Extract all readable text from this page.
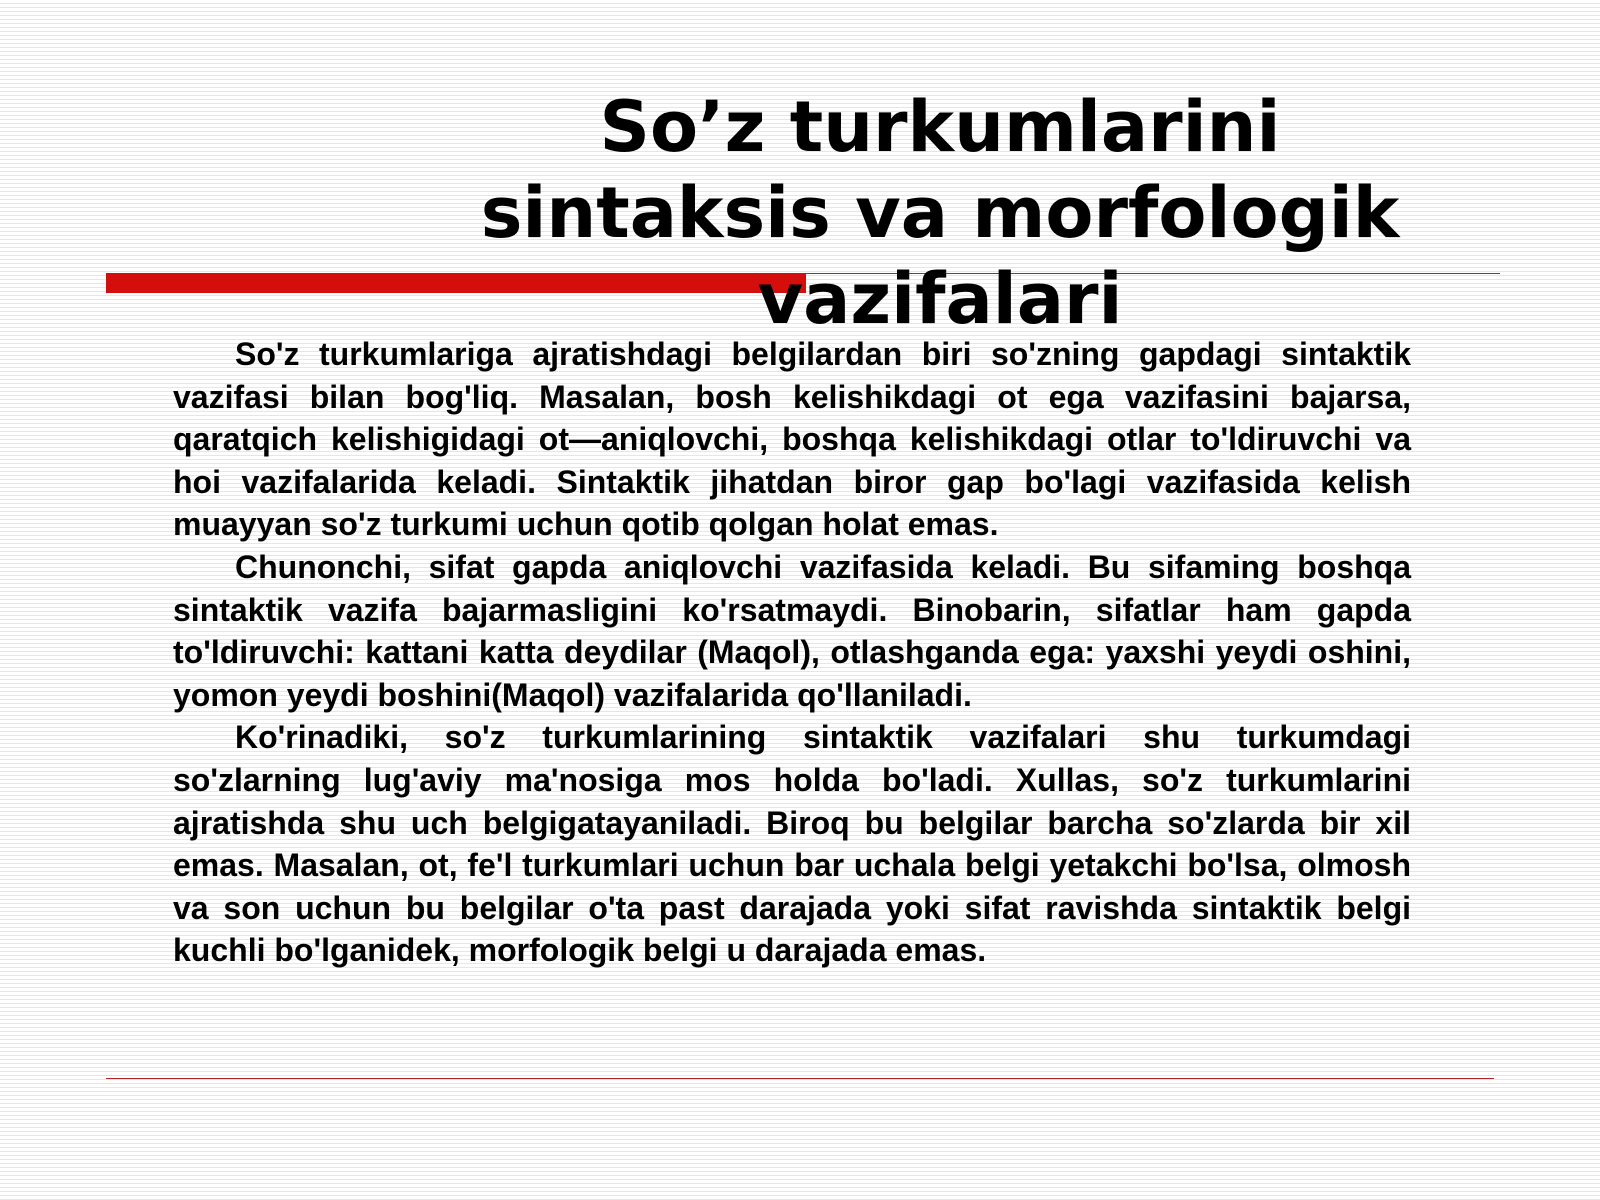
So’z turkumlarini sintaksis va morfologik vazifalari

So'z turkumlariga ajratishdagi belgilardan biri so'zning gapdagi sintaktik vazifasi bilan bog'liq. Masalan, bosh kelishikdagi ot ega vazifasini bajarsa, qaratqich kelishigidagi ot—aniqlovchi, boshqa kelishikdagi otlar to'ldiruvchi va hoi vazifalarida keladi. Sintaktik jihatdan biror gap bo'lagi vazifasida kelish muayyan so'z turkumi uchun qotib qolgan holat emas.

Chunonchi, sifat gapda aniqlovchi vazifasida keladi. Bu sifaming boshqa sintaktik vazifa bajarmasligini ko'rsatmaydi. Binobarin, sifatlar ham gapda to'ldiruvchi: kattani katta deydilar (Maqol), otlashganda ega: yaxshi yeydi oshini, yomon yeydi boshini(Maqol) vazifalarida qo'llaniladi.

Ko'rinadiki, so'z turkumlarining sintaktik vazifalari shu turkumdagi so'zlarning lug'aviy ma'nosiga mos holda bo'ladi. Xullas, so'z turkumlarini ajratishda shu uch belgigatayaniladi. Biroq bu belgilar barcha so'zlarda bir xil emas. Masalan, ot, fe'l turkumlari uchun bar uchala belgi yetakchi bo'lsa, olmosh va son uchun bu belgilar o'ta past darajada yoki sifat ravishda sintaktik belgi kuchli bo'lganidek, morfologik belgi u darajada emas.
